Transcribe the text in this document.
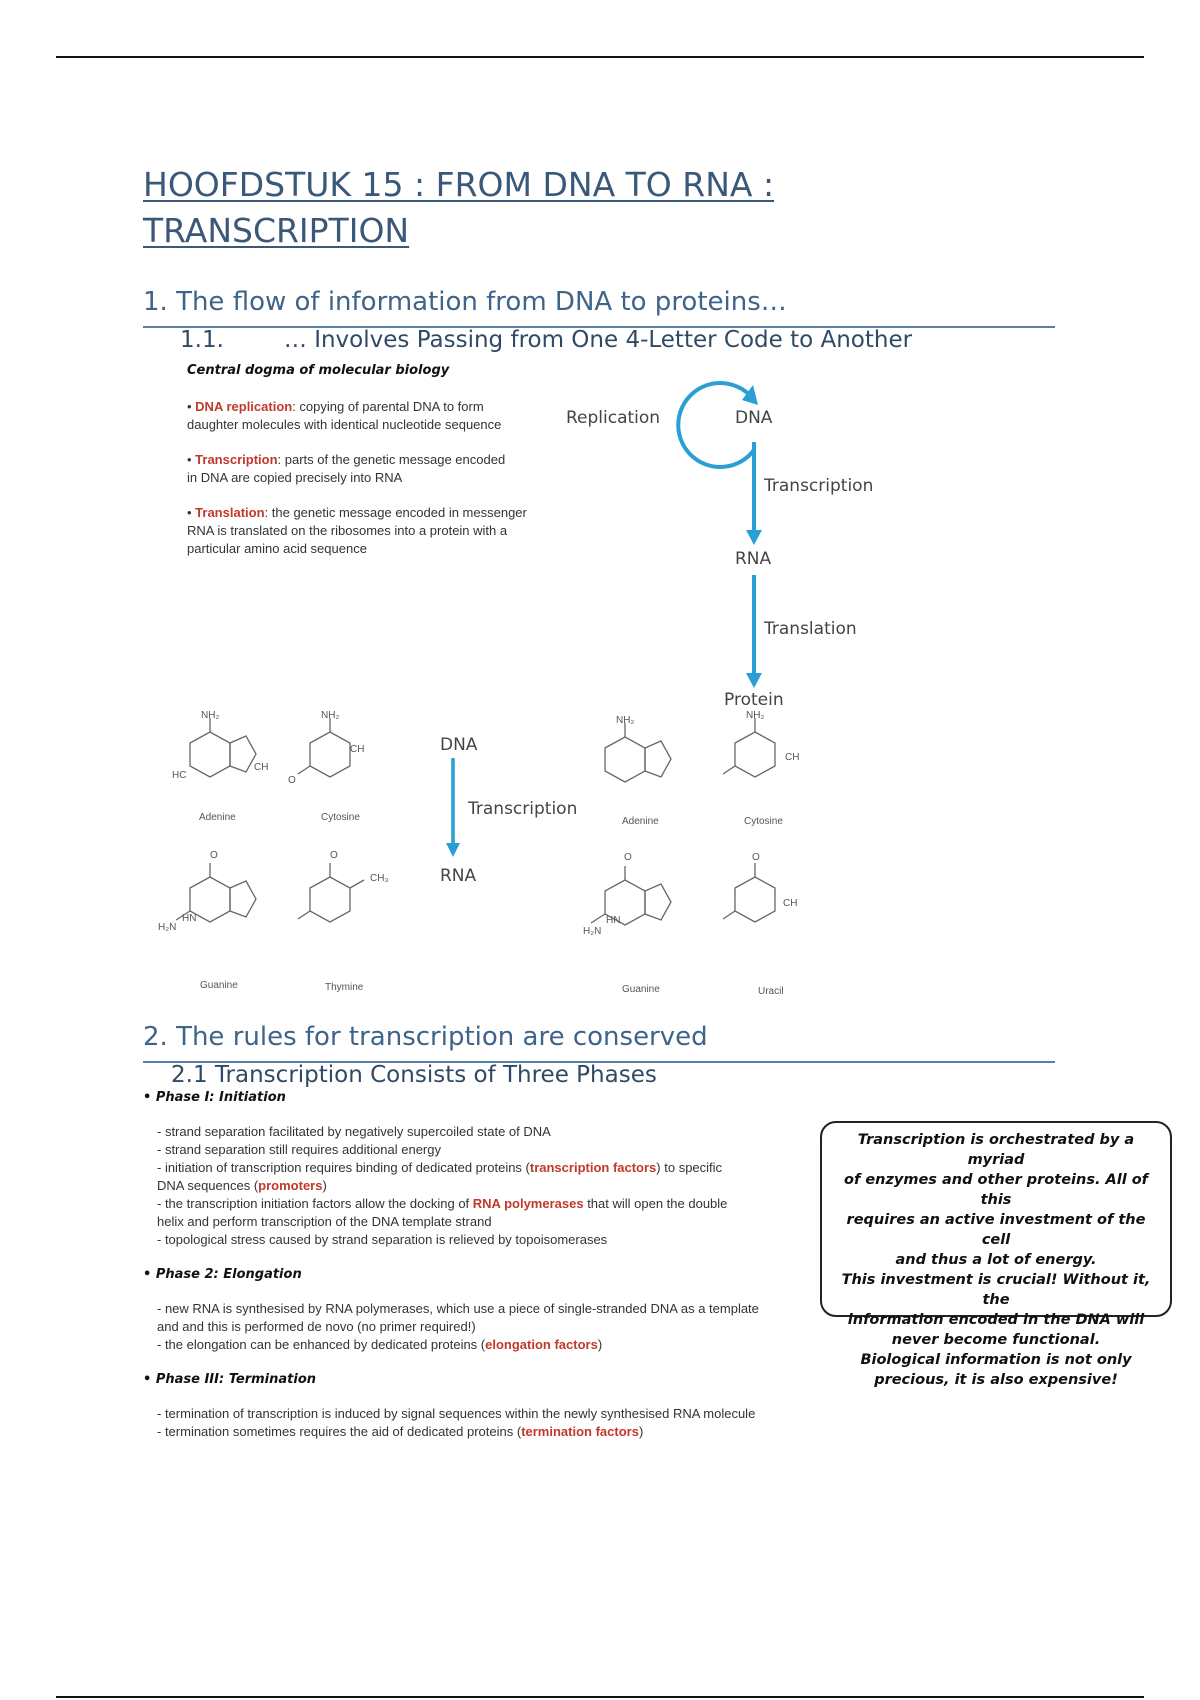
HOOFDSTUK 15 : FROM DNA TO RNA :
TRANSCRIPTION
1. The flow of information from DNA to proteins…
1.1.	… Involves Passing from One 4-Letter Code to Another
Central dogma of molecular biology
• DNA replication: copying of parental DNA to form
daughter molecules with identical nucleotide sequence
• Transcription: parts of the genetic message encoded
in DNA are copied precisely into RNA
• Translation: the genetic message encoded in messenger
RNA is translated on the ribosomes into a protein with a
particular amino acid sequence
Replication	DNA
Transcription
RNA
Translation
Protein
NH₂
HC
CH
NH₂
CH
O
HN
H₂N
O
CH₃
O
NH₂	NH₂
CH
HN
H₂N
O	O
CH
Adenine	Cytosine
Guanine	Thymine
Adenine	Cytosine
Guanine	Uracil
DNA
Transcription
RNA
2. The rules for transcription are conserved
2.1 Transcription Consists of Three Phases
• Phase I: Initiation
- strand separation facilitated by negatively supercoiled state of DNA
- strand separation still requires additional energy
- initiation of transcription requires binding of dedicated proteins (transcription factors) to specific
DNA sequences (promoters)
- the transcription initiation factors allow the docking of RNA polymerases that will open the double
helix and perform transcription of the DNA template strand
- topological stress caused by strand separation is relieved by topoisomerases
• Phase 2: Elongation
- new RNA is synthesised by RNA polymerases, which use a piece of single-stranded DNA as a template
and and this is performed de novo (no primer required!)
- the elongation can be enhanced by dedicated proteins (elongation factors)
• Phase III: Termination
- termination of transcription is induced by signal sequences within the newly synthesised RNA molecule
- termination sometimes requires the aid of dedicated proteins (termination factors)
Transcription is orchestrated by a myriad
of enzymes and other proteins. All of this
requires an active investment of the cell
and thus a lot of energy.
This investment is crucial! Without it, the
information encoded in the DNA will
never become functional.
Biological information is not only
precious, it is also expensive!
